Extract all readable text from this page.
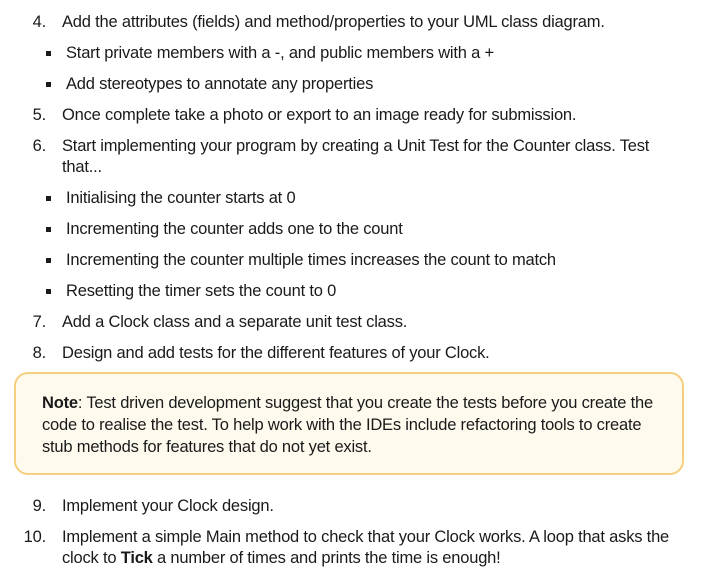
4. Add the attributes (fields) and method/properties to your UML class diagram.
Start private members with a -, and public members with a +
Add stereotypes to annotate any properties
5. Once complete take a photo or export to an image ready for submission.
6. Start implementing your program by creating a Unit Test for the Counter class. Test
that...
Initialising the counter starts at 0
Incrementing the counter adds one to the count
Incrementing the counter multiple times increases the count to match
Resetting the timer sets the count to 0
7. Add a Clock class and a separate unit test class.
8. Design and add tests for the different features of your Clock.
Note: Test driven development suggest that you create the tests before you create the
code to realise the test. To help work with the IDEs include refactoring tools to create
stub methods for features that do not yet exist.
9. Implement your Clock design.
10. Implement a simple Main method to check that your Clock works. A loop that asks the
clock to Tick a number of times and prints the time is enough!
